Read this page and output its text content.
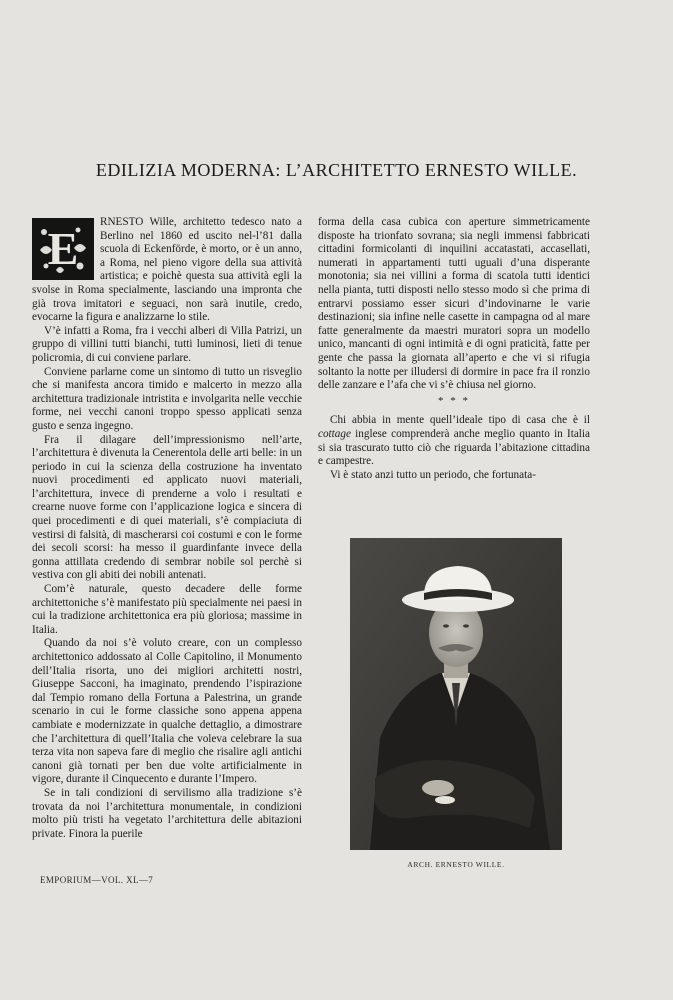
EDILIZIA MODERNA: L’ARCHITETTO ERNESTO WILLE.
E

RNESTO Wille, architetto tedesco nato a Berlino nel 1860 ed uscito nel-l’81 dalla scuola di Eckenförde, è morto, or è un anno, a Roma, nel pieno vigore della sua attività artistica; e poichè questa sua attività egli la svolse in Roma specialmente, lasciando una impronta che già trova imitatori e seguaci, non sarà inutile, credo, evocarne la figura e analizzarne lo stile.

V’è infatti a Roma, fra i vecchi alberi di Villa Patrizi, un gruppo di villini tutti bianchi, tutti luminosi, lieti di tenue policromia, di cui conviene parlare.

Conviene parlarne come un sintomo di tutto un risveglio che si manifesta ancora timido e malcerto in mezzo alla architettura tradizionale intristita e involgarita nelle vecchie forme, nei vecchi canoni troppo spesso applicati senza gusto e senza ingegno.

Fra il dilagare dell’impressionismo nell’arte, l’architettura è divenuta la Cenerentola delle arti belle: in un periodo in cui la scienza della costruzione ha inventato nuovi procedimenti ed applicato nuovi materiali, l’architettura, invece di prenderne a volo i resultati e crearne nuove forme con l’applicazione logica e sincera di quei procedimenti e di quei materiali, s’è compiaciuta di vestirsi di falsità, di mascherarsi coi costumi e con le forme dei secoli scorsi: ha messo il guardinfante invece della gonna attillata credendo di sembrar nobile sol perchè si vestiva con gli abiti dei nobili antenati.

Com’è naturale, questo decadere delle forme architettoniche s’è manifestato più specialmente nei paesi in cui la tradizione architettonica era più gloriosa; massime in Italia.

Quando da noi s’è voluto creare, con un complesso architettonico addossato al Colle Capitolino, il Monumento dell’Italia risorta, uno dei migliori architetti nostri, Giuseppe Sacconi, ha imaginato, prendendo l’ispirazione dal Tempio romano della Fortuna a Palestrina, un grande scenario in cui le forme classiche sono appena appena cambiate e modernizzate in qualche dettaglio, a dimostrare che l’architettura di quell’Italia che voleva celebrare la sua terza vita non sapeva fare di meglio che risalire agli antichi canoni già tornati per ben due volte artificialmente in vigore, durante il Cinquecento e durante l’Impero.

Se in tali condizioni di servilismo alla tradizione s’è trovata da noi l’architettura monumentale, in condizioni molto più tristi ha vegetato l’architettura delle abitazioni private. Finora la puerile

forma della casa cubica con aperture simmetricamente disposte ha trionfato sovrana; sia negli immensi fabbricati cittadini formicolanti di inquilini accatastati, accasellati, numerati in appartamenti tutti uguali d’una disperante monotonia; sia nei villini a forma di scatola tutti identici nella pianta, tutti disposti nello stesso modo sì che prima di entrarvi possiamo esser sicuri d’indovinarne le varie destinazioni; sia infine nelle casette in campagna od al mare fatte generalmente da maestri muratori sopra un modello unico, mancanti di ogni intimità e di ogni praticità, fatte per gente che passa la giornata all’aperto e che vi si rifugia soltanto la notte per illudersi di dormire in pace fra il ronzio delle zanzare e l’afa che vi s’è chiusa nel giorno.

* * *

Chi abbia in mente quell’ideale tipo di casa che è il cottage inglese comprenderà anche meglio quanto in Italia si sia trascurato tutto ciò che riguarda l’abitazione cittadina e campestre.

Vi è stato anzi tutto un periodo, che fortunata-

ARCH. ERNESTO WILLE.
EMPORIUM—VOL. XL—7
